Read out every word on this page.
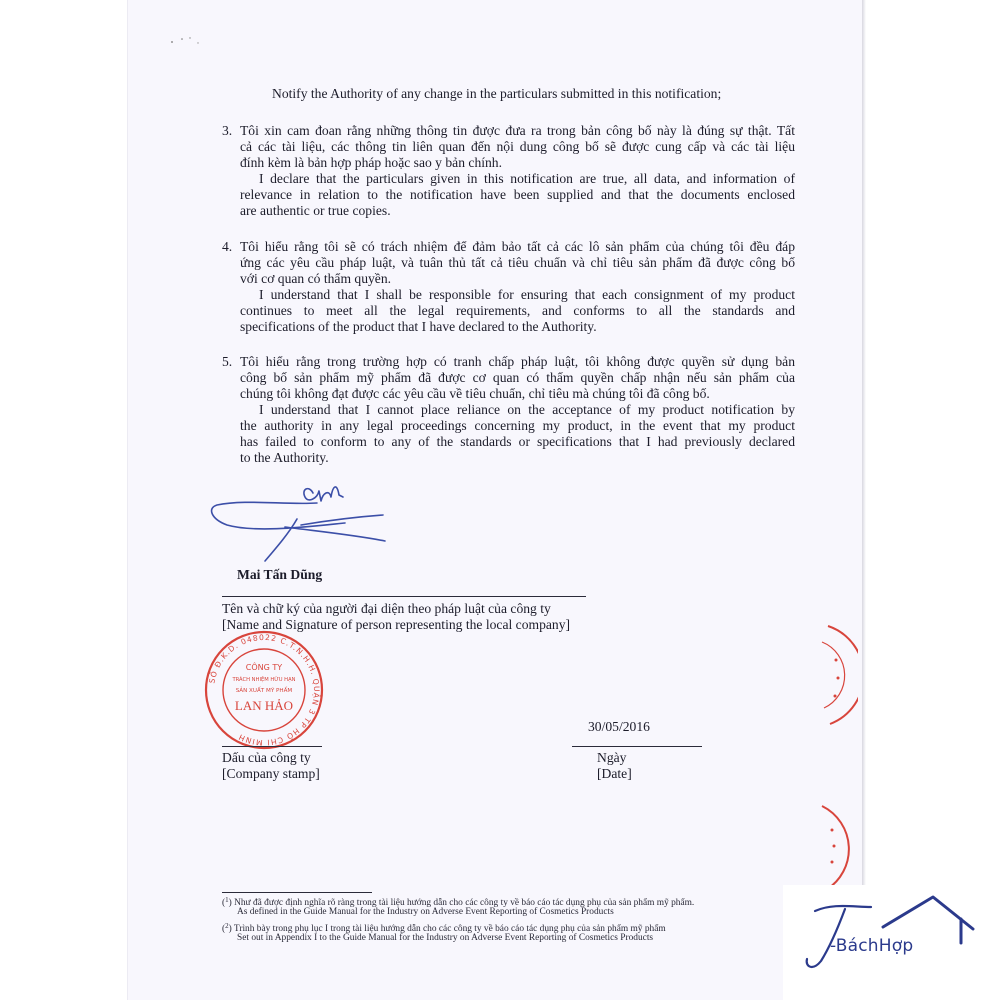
Notify the Authority of any change in the particulars submitted in this notification;
3. Tôi xin cam đoan rằng những thông tin được đưa ra trong bản công bố này là đúng sự thật. Tất
cả các tài liệu, các thông tin liên quan đến nội dung công bố sẽ được cung cấp và các tài liệu
đính kèm là bản hợp pháp hoặc sao y bản chính.
I declare that the particulars given in this notification are true, all data, and information of
relevance in relation to the notification have been supplied and that the documents enclosed
are authentic or true copies.
4. Tôi hiểu rằng tôi sẽ có trách nhiệm để đảm bảo tất cả các lô sản phẩm của chúng tôi đều đáp
ứng các yêu cầu pháp luật, và tuân thủ tất cả tiêu chuẩn và chỉ tiêu sản phẩm đã được công bố
với cơ quan có thẩm quyền.
I understand that I shall be responsible for ensuring that each consignment of my product
continues to meet all the legal requirements, and conforms to all the standards and
specifications of the product that I have declared to the Authority.
5. Tôi hiểu rằng trong trường hợp có tranh chấp pháp luật, tôi không được quyền sử dụng bản
công bố sản phẩm mỹ phẩm đã được cơ quan có thẩm quyền chấp nhận nếu sản phẩm của
chúng tôi không đạt được các yêu cầu về tiêu chuẩn, chỉ tiêu mà chúng tôi đã công bố.
I understand that I cannot place reliance on the acceptance of my product notification by
the authority in any legal proceedings concerning my product, in the event that my product
has failed to conform to any of the standards or specifications that I had previously declared
to the Authority.
Mai Tấn Dũng
Tên và chữ ký của người đại diện theo pháp luật của công ty
[Name and Signature of person representing the local company]
SỐ Đ.K.D. 048022 C.T.N.H.H. QUẬN 3 TP HỒ CHÍ MINH
CÔNG TY
TRÁCH NHIỆM HỮU HẠN
SẢN XUẤT MỸ PHẨM
LAN HẢO
30/05/2016
Dấu của công ty
[Company stamp]
Ngày
[Date]
($^1$) Như đã được định nghĩa rõ ràng trong tài liệu hướng dẫn cho các công ty về báo cáo tác dụng phụ của sản phẩm mỹ phẩm.
As defined in the Guide Manual for the Industry on Adverse Event Reporting of Cosmetics Products
($^2$) Trình bày trong phụ lục I trong tài liệu hướng dẫn cho các công ty về báo cáo tác dụng phụ của sản phẩm mỹ phẩm
Set out in Appendix I to the Guide Manual for the Industry on Adverse Event Reporting of Cosmetics Products	-BáchHợp
